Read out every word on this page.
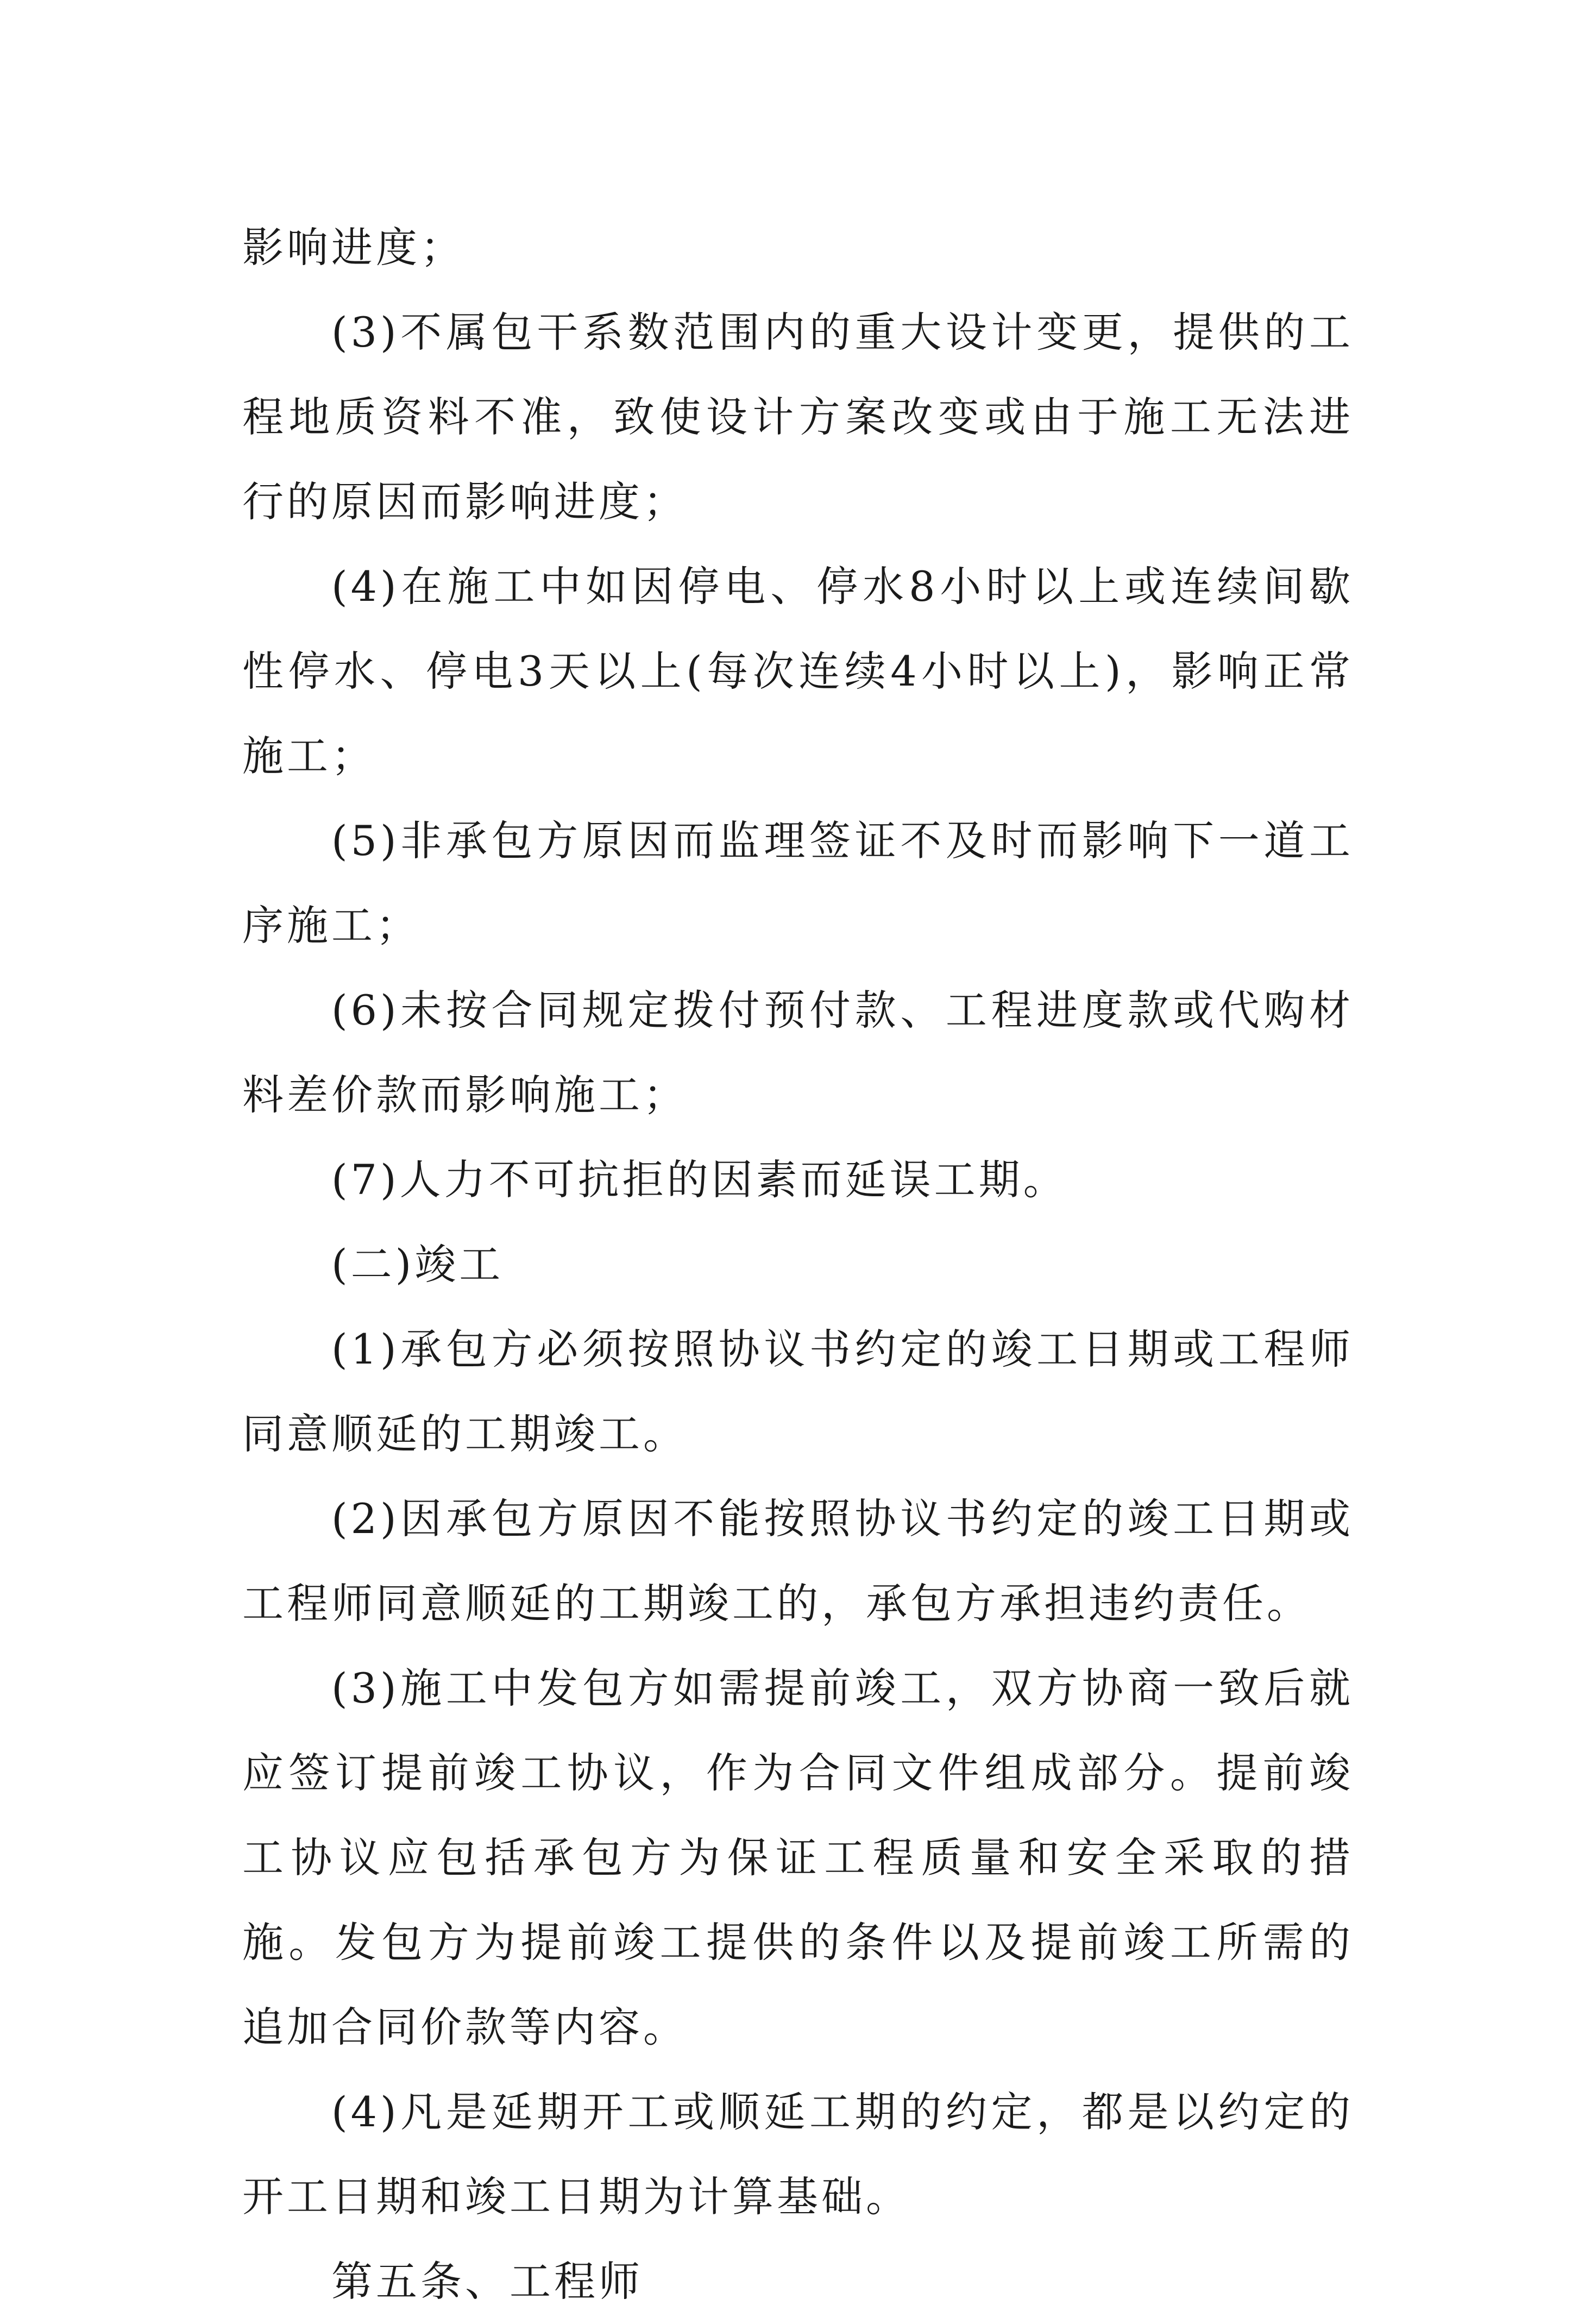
影响进度；

(3)不属包干系数范围内的重大设计变更，提供的工程地质资料不准，致使设计方案改变或由于施工无法进行的原因而影响进度；

(4)在施工中如因停电、停水8小时以上或连续间歇性停水、停电3天以上(每次连续4小时以上)，影响正常施工；

(5)非承包方原因而监理签证不及时而影响下一道工序施工；

(6)未按合同规定拨付预付款、工程进度款或代购材料差价款而影响施工；

(7)人力不可抗拒的因素而延误工期。

(二)竣工

(1)承包方必须按照协议书约定的竣工日期或工程师同意顺延的工期竣工。

(2)因承包方原因不能按照协议书约定的竣工日期或工程师同意顺延的工期竣工的，承包方承担违约责任。

(3)施工中发包方如需提前竣工，双方协商一致后就应签订提前竣工协议，作为合同文件组成部分。提前竣工协议应包括承包方为保证工程质量和安全采取的措施。发包方为提前竣工提供的条件以及提前竣工所需的追加合同价款等内容。

(4)凡是延期开工或顺延工期的约定，都是以约定的开工日期和竣工日期为计算基础。

第五条、工程师
